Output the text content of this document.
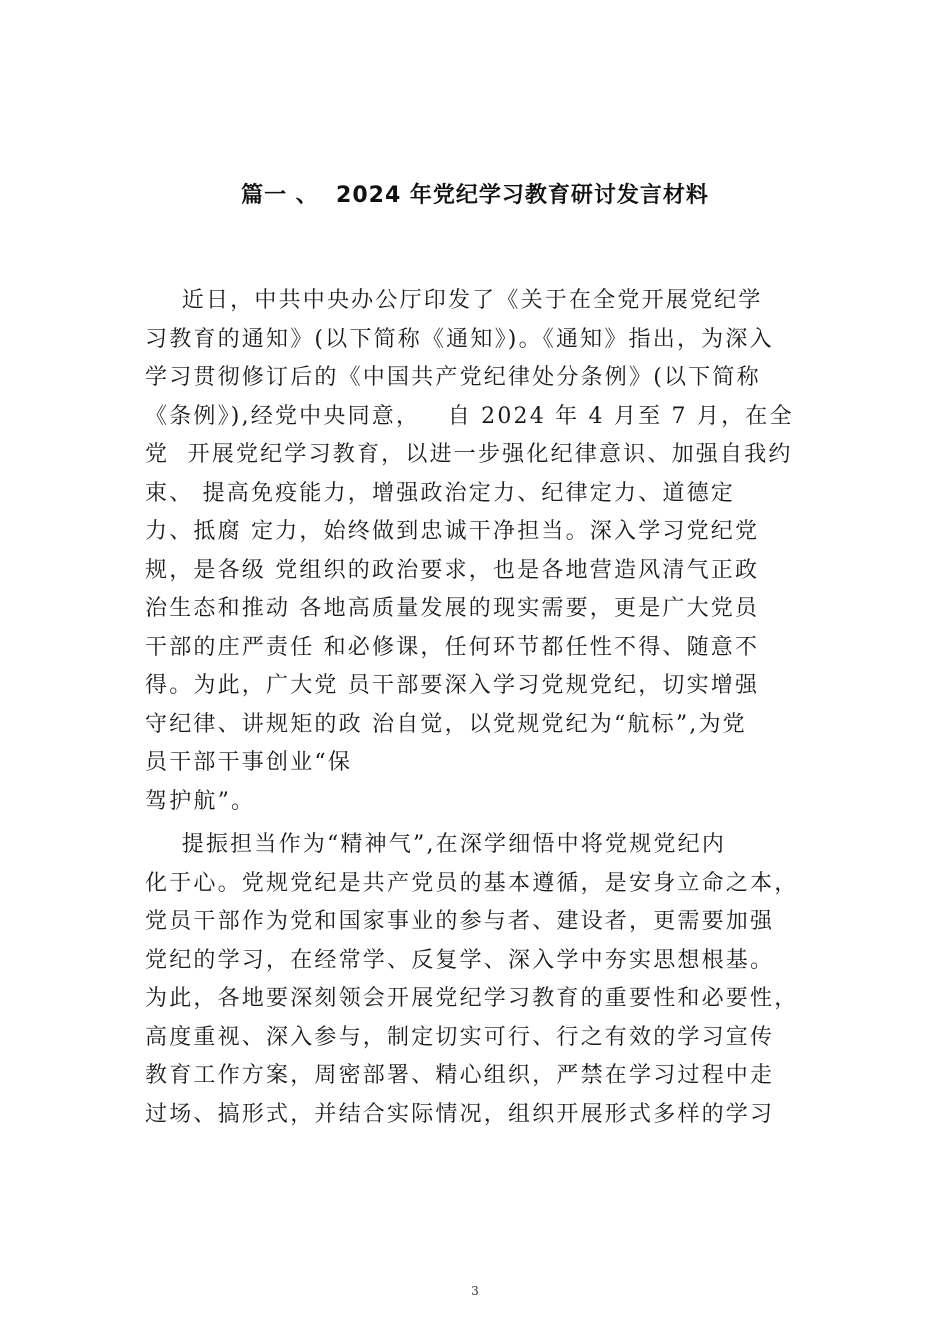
篇一 、  2024 年党纪学习教育研讨发言材料
近日，中共中央办公厅印发了《关于在全党开展党纪学
习教育的通知》(以下简称《通知》)。《通知》指出，为深入
学习贯彻修订后的《中国共产党纪律处分条例》(以下简称
《条例》),经党中央同意，   自 2024 年 4 月至 7 月，在全
党  开展党纪学习教育，以进一步强化纪律意识、加强自我约
束、 提高免疫能力，增强政治定力、纪律定力、道德定
力、抵腐 定力，始终做到忠诚干净担当。深入学习党纪党
规，是各级 党组织的政治要求，也是各地营造风清气正政
治生态和推动 各地高质量发展的现实需要，更是广大党员
干部的庄严责任 和必修课，任何环节都任性不得、随意不
得。为此，广大党 员干部要深入学习党规党纪，切实增强
守纪律、讲规矩的政 治自觉，以党规党纪为“航标”,为党
员干部干事创业“保
驾护航”。
提振担当作为“精神气”,在深学细悟中将党规党纪内
化于心。党规党纪是共产党员的基本遵循，是安身立命之本，
党员干部作为党和国家事业的参与者、建设者，更需要加强
党纪的学习，在经常学、反复学、深入学中夯实思想根基。
为此，各地要深刻领会开展党纪学习教育的重要性和必要性，
高度重视、深入参与，制定切实可行、行之有效的学习宣传
教育工作方案，周密部署、精心组织，严禁在学习过程中走
过场、搞形式，并结合实际情况，组织开展形式多样的学习
3
